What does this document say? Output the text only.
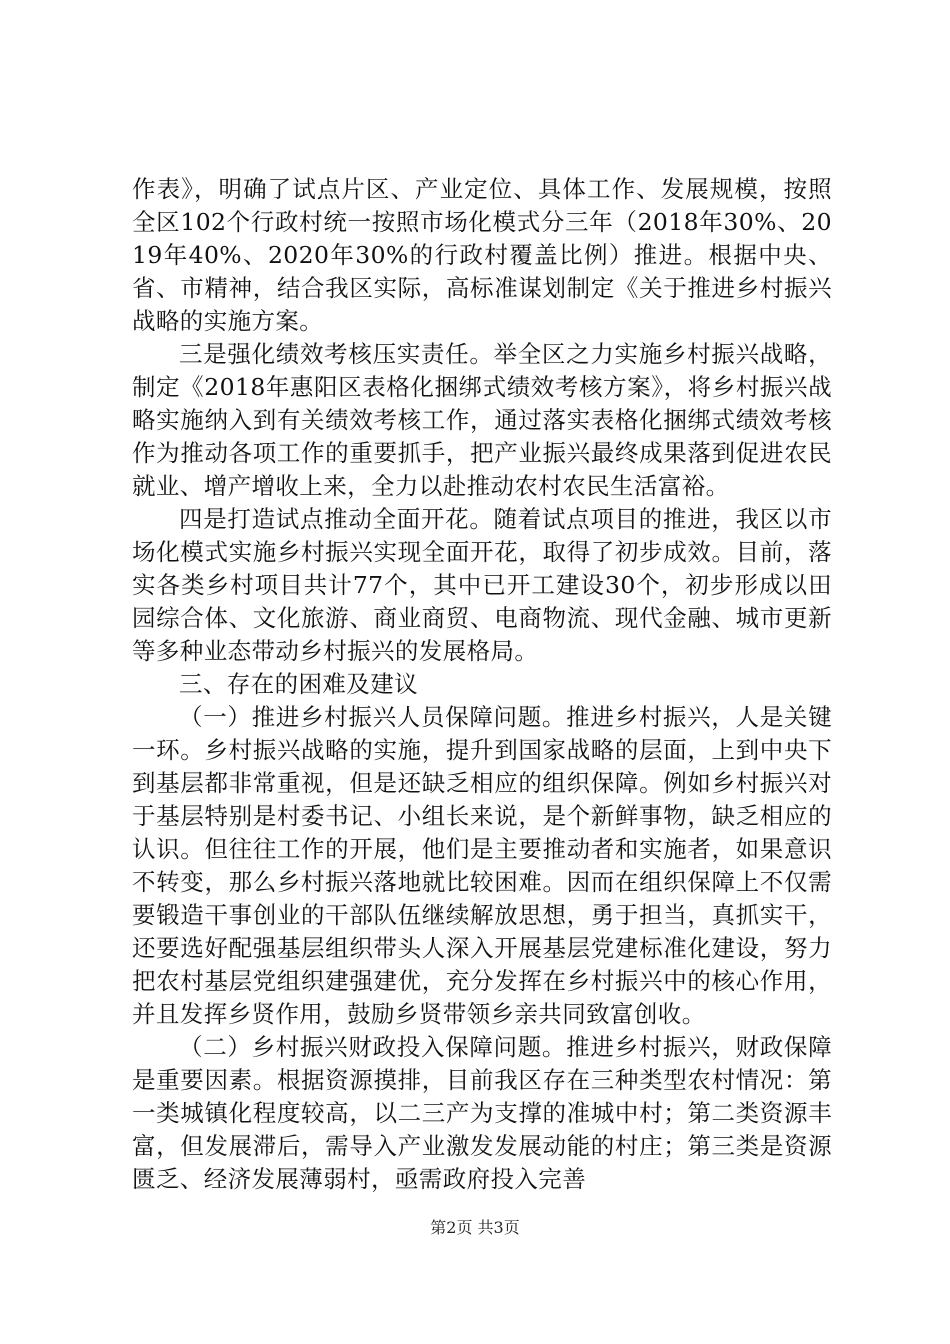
作表》，明确了试点片区、产业定位、具体工作、发展规模，按照全区102个行政村统一按照市场化模式分三年（2018年30%、2019年40%、2020年30%的行政村覆盖比例）推进。根据中央、省、市精神，结合我区实际，高标准谋划制定《关于推进乡村振兴战略的实施方案。

三是强化绩效考核压实责任。举全区之力实施乡村振兴战略，制定《2018年惠阳区表格化捆绑式绩效考核方案》，将乡村振兴战略实施纳入到有关绩效考核工作，通过落实表格化捆绑式绩效考核作为推动各项工作的重要抓手，把产业振兴最终成果落到促进农民就业、增产增收上来，全力以赴推动农村农民生活富裕。

四是打造试点推动全面开花。随着试点项目的推进，我区以市场化模式实施乡村振兴实现全面开花，取得了初步成效。目前，落实各类乡村项目共计77个，其中已开工建设30个，初步形成以田园综合体、文化旅游、商业商贸、电商物流、现代金融、城市更新等多种业态带动乡村振兴的发展格局。

三、存在的困难及建议

（一）推进乡村振兴人员保障问题。推进乡村振兴，人是关键一环。乡村振兴战略的实施，提升到国家战略的层面，上到中央下到基层都非常重视，但是还缺乏相应的组织保障。例如乡村振兴对于基层特别是村委书记、小组长来说，是个新鲜事物，缺乏相应的认识。但往往工作的开展，他们是主要推动者和实施者，如果意识不转变，那么乡村振兴落地就比较困难。因而在组织保障上不仅需要锻造干事创业的干部队伍继续解放思想，勇于担当，真抓实干，还要选好配强基层组织带头人深入开展基层党建标准化建设，努力把农村基层党组织建强建优，充分发挥在乡村振兴中的核心作用，并且发挥乡贤作用，鼓励乡贤带领乡亲共同致富创收。

（二）乡村振兴财政投入保障问题。推进乡村振兴，财政保障是重要因素。根据资源摸排，目前我区存在三种类型农村情况：第一类城镇化程度较高，以二三产为支撑的准城中村；第二类资源丰富，但发展滞后，需导入产业激发发展动能的村庄；第三类是资源匮乏、经济发展薄弱村，亟需政府投入完善

第2页 共3页
